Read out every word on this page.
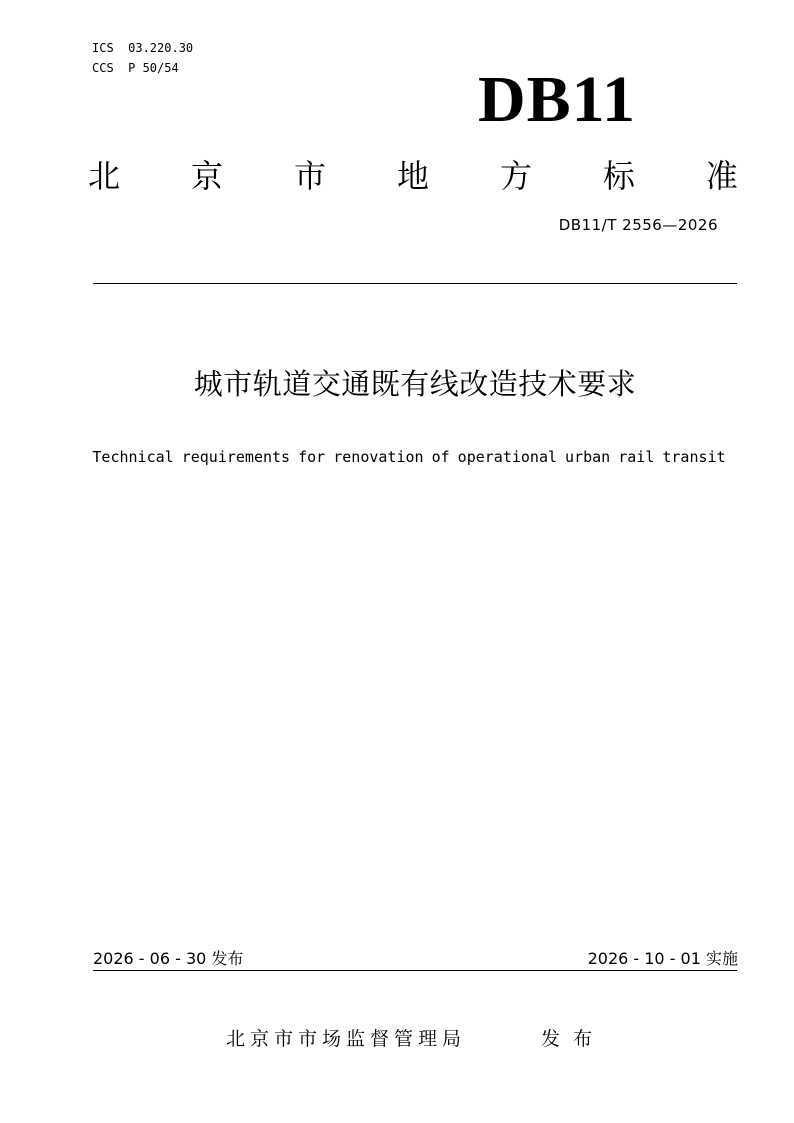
ICS  03.220.30
CCS  P 50/54	DB11
北 京 市 地 方 标 准
DB11/T 2556—2026
城市轨道交通既有线改造技术要求
Technical requirements for renovation of operational urban rail transit
2026 - 06 - 30 发布	2026 - 10 - 01 实施
北京市市场监督管理局	发布
